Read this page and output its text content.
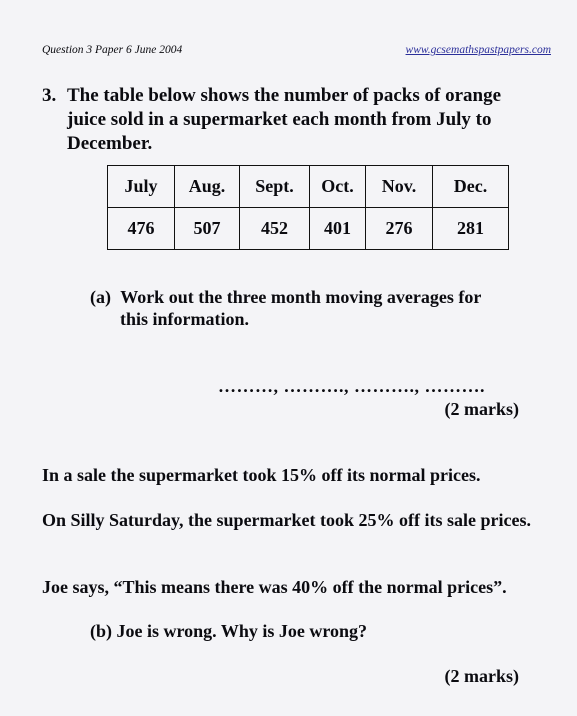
Question 3 Paper 6 June 2004	www.gcsemathspastpapers.com
3. The table below shows the number of packs of orange juice sold in a supermarket each month from July to December.
July	Aug.	Sept.	Oct.	Nov.	Dec.
476	507	452	401	276	281
(a) Work out the three month moving averages for
this information.
………, ………., ………., ……….
(2 marks)
In a sale the supermarket took 15% off its normal prices.
On Silly Saturday, the supermarket took 25% off its sale prices.
Joe says, “This means there was 40% off the normal prices”.
(b) Joe is wrong. Why is Joe wrong?
(2 marks)
